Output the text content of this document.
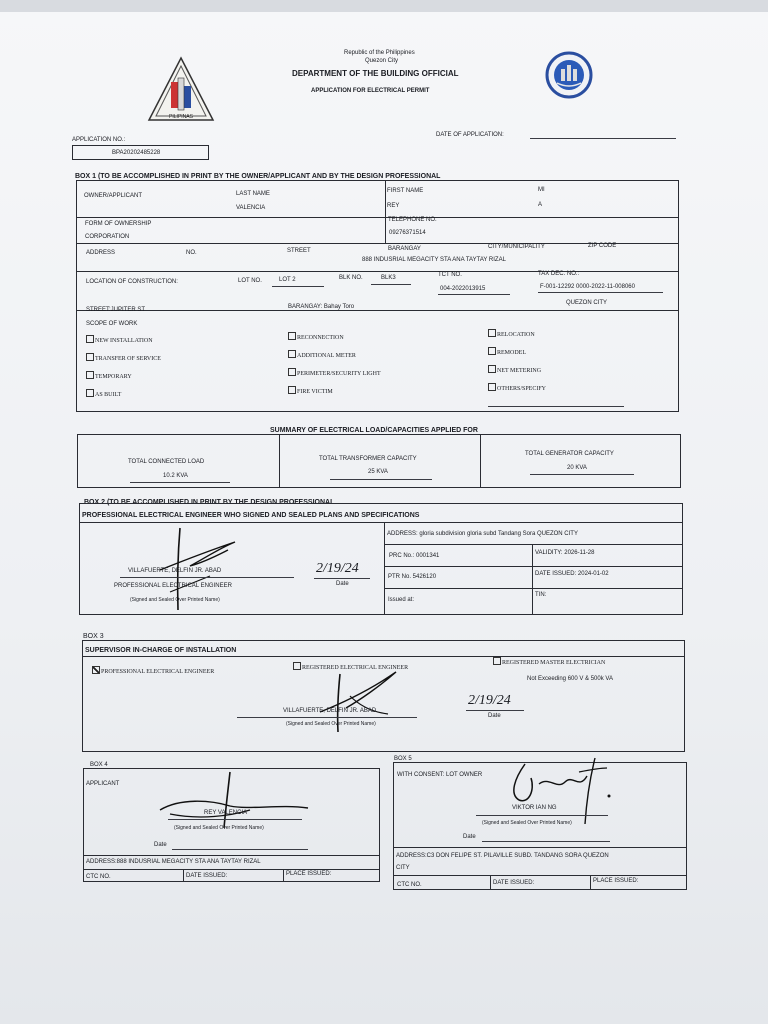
PILIPINAS
Republic of the Philippines
Quezon City
DEPARTMENT OF THE BUILDING OFFICIAL
APPLICATION FOR ELECTRICAL PERMIT
APPLICATION NO.:
BPA20202485228
DATE OF APPLICATION:
BOX 1 (TO BE ACCOMPLISHED IN PRINT BY THE OWNER/APPLICANT AND BY THE DESIGN PROFESSIONAL
OWNER/APPLICANT	LAST NAME
VALENCIA
FIRST NAME
REY
MI
A
FORM OF OWNERSHIP
CORPORATION
TELEPHONE NO.
09276371514
ADDRESS	NO.	STREET	BARANGAY	CITY/MUNICIPALITY	ZIP CODE
888 INDUSRIAL MEGACITY STA ANA TAYTAY RIZAL
LOCATION OF CONSTRUCTION:	LOT NO.	LOT 2	BLK NO.	BLK3	TCT NO.
004-2022013915
TAX DEC. NO.:
F-001-12292 0000-2022-11-008060
STREET:JUPITER ST	BARANGAY: Bahay Toro
QUEZON CITY
SCOPE OF WORK
NEW INSTALLATION
TRANSFER OF SERVICE
TEMPORARY
AS BUILT
RECONNECTION
ADDITIONAL METER
PERIMETER/SECURITY LIGHT
FIRE VICTIM
RELOCATION
REMODEL
NET METERING
OTHERS/SPECIFY
SUMMARY OF ELECTRICAL LOAD/CAPACITIES APPLIED FOR
TOTAL CONNECTED LOAD
10.2 KVA
TOTAL TRANSFORMER CAPACITY
25 KVA
TOTAL GENERATOR CAPACITY
20 KVA
BOX 2 (TO BE ACCOMPLISHED IN PRINT BY THE DESIGN PROFESSIONAL
PROFESSIONAL ELECTRICAL ENGINEER WHO SIGNED AND SEALED PLANS AND SPECIFICATIONS
ADDRESS: gloria subdivision gloria subd Tandang Sora QUEZON CITY
PRC No.: 0001341	VALIDITY: 2026-11-28
PTR No. 5426120	DATE ISSUED: 2024-01-02
Issued at:
TIN:
VILLAFUERTE, DELFIN JR. ABAD
PROFESSIONAL ELECTRICAL ENGINEER
(Signed and Sealed Over Printed Name)
2/19/24
Date
BOX 3
SUPERVISOR IN-CHARGE OF INSTALLATION
PROFESSIONAL ELECTRICAL ENGINEER
REGISTERED ELECTRICAL ENGINEER
REGISTERED MASTER ELECTRICIAN
Not Exceeding 600 V & 500k VA
VILLAFUERTE, DELFIN JR. ABAD
(Signed and Sealed Over Printed Name)
2/19/24
Date
BOX 4
APPLICANT
REY VALENCIA
(Signed and Sealed Over Printed Name)
Date
ADDRESS:888 INDUSRIAL MEGACITY STA ANA TAYTAY RIZAL
CTC NO.	DATE ISSUED:	PLACE ISSUED:
BOX 5
WITH CONSENT: LOT OWNER
VIKTOR IAN NG
(Signed and Sealed Over Printed Name)
Date
ADDRESS:C3 DON FELIPE ST. PILAVILLE SUBD. TANDANG SORA QUEZON
CITY
CTC NO.	DATE ISSUED:	PLACE ISSUED:
